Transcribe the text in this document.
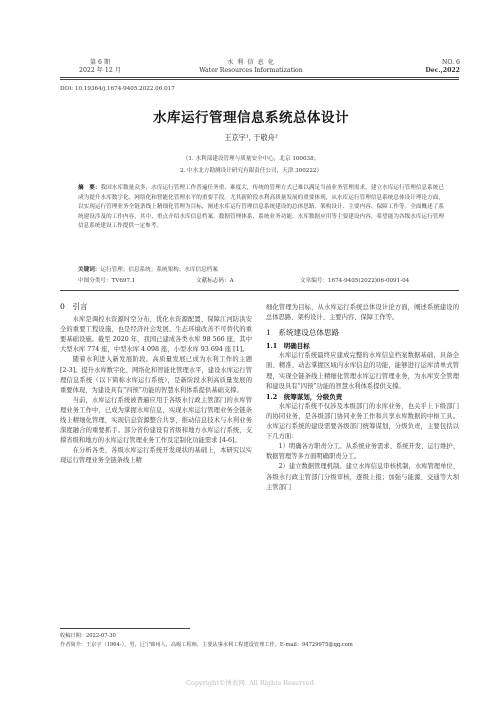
第 6 期
2022 年 12 月
水 利 信 息 化
Water Resources Informatization
NO. 6
Dec.,2022
DOI: 10.19364/j.1674-9405.2022.06.017
水库运行管理信息系统总体设计
王京宇¹, 于敬舟²
（1. 水利部建设管理与质量安全中心，北京 100038；
2. 中水北方勘测设计研究有限责任公司，天津 300222）
摘　要：我国水库数量众多，水库运行管理工作普遍任务重、难度大，传统的管理方式已难以满足当前业务管理需求。建立水库运行管理信息系统已成为提升水库数字化、网络化和智能化管理水平的重要手段。尤其新阶段水利高质量发展的重要体现，从水库运行管理信息系统总体设计理论方面，以实现运行管理业务全链条线上精细化管理为目标，阐述水库运行管理信息系统建设的总体思路、架构设计、主要内容、保障工作等。全面概述了系统建设涉及的工作内容，其中，重点介绍水库信息档案、数据管理体系、系统业务功能、水库数据应用等主要建设内容，希望能为各级水库运行管理信息系统建设工作提供一定参考。
关键词：运行管理；信息系统；系统架构；水库信息档案
中图分类号：TV697.1	文献标志码：A	文章编号：1674-9405(2022)06-0091-04
0　引言

水库是调控水资源时空分布、优化水资源配置、保障江河防洪安全的重要工程设施，也是经济社会发展、生态环境改善不可替代的重要基础设施。截至 2020 年，我国已建成各类水库 98 566 座，其中大型水库 774 座，中型水库 4 098 座，小型水库 93 694 座 [1]。

随着水利进入新发展阶段，高质量发展已成为水利工作的主题 [2-3]。提升水库数字化、网络化和智能化管理水平，建设水库运行管理信息系统（以下简称水库运行系统），是新阶段水利高质量发展的重要体现，为建设具有“四预”功能的智慧水利体系提供基础支撑。

当前，水库运行系统被普遍应用于各级水行政主管部门的水库管理业务工作中，已成为掌握水库信息，实现水库运行管理业务全链条线上精细化管理，实现信息资源整合共享，推动信息技术与水利业务深度融合的重要抓手。部分省份建设有省级和地方水库运行系统，支撑省级和地方的水库运行管理业务工作及定制化功能需求 [4-6]。

在分析各类、各级水库运行系统开发现状的基础上，本研究以实现运行管理业务全链条线上精

细化管理为目标，从水库运行系统总体设计论方面，阐述系统建设的总体思路、架构设计、主要内容、保障工作等。

1　系统建设总体思路
1.1　明确目标

水库运行系统最终应建成完整的水库信息档案数据基础，具备全面、精准、动态掌握区域内水库信息的功能，能够进行运库清单式管理，实现全链条线上精细化管理水库运行管理业务，为水库安全管理和建设具有“四预”功能的智慧水利体系提供支撑。

1.2　统筹谋划，分级负责

水库运行系统不仅涉及本级部门的水库业务，也关乎上下级部门的协同业务，是各级部门协同业务工作和共享水库数据的中枢工具。水库运行系统的建设需要各级部门统筹谋划，分级负责，主要包括以下几方面：

1）明确各方职责分工。从系统业务需求、系统开发、运行维护、数据管理等多方面明确职责分工。

2）建立数据管理机制。建立水库信息审核机制，水库管理单位、各级水行政主管部门分级审核，逐级上报；加强与能源、交通等大坝主管部门

收稿日期：2022-07-30
作者简介：王京宇（1964-），男，辽宁锦州人，高级工程师，主要从事水利工程建设管理工作。E-mail：94729975@qq.com
Copyright©博看网. All Rights Reserved.
